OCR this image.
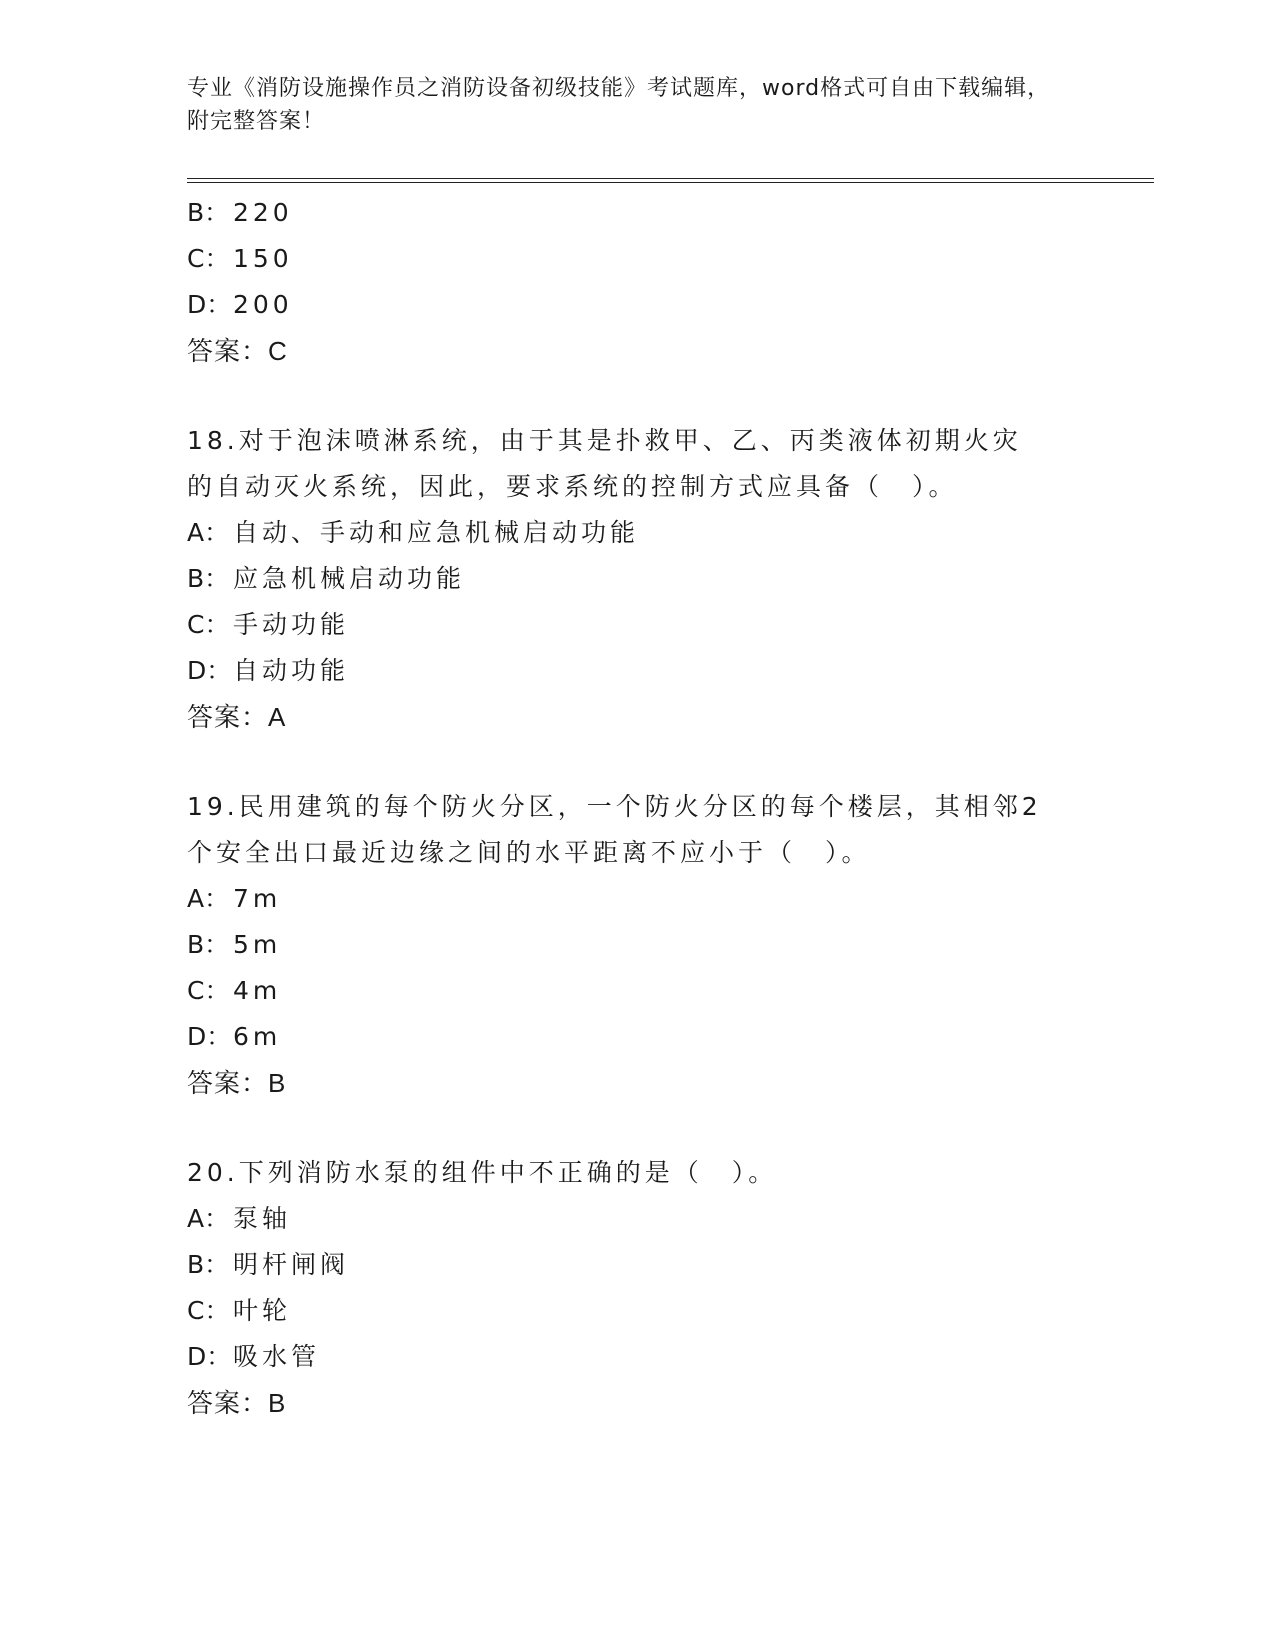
专业《消防设施操作员之消防设备初级技能》考试题库，word格式可自由下载编辑，附完整答案！
B： 220
C： 150
D：200
答案：C
18.对于泡沫喷淋系统，由于其是扑救甲、乙、丙类液体初期火灾的自动灭火系统，因此，要求系统的控制方式应具备（　）。
A： 自动、手动和应急机械启动功能
B： 应急机械启动功能
C： 手动功能
D：自动功能
答案：A
19.民用建筑的每个防火分区，一个防火分区的每个楼层，其相邻2个安全出口最近边缘之间的水平距离不应小于（　）。
A： 7m
B： 5m
C： 4m
D：6m
答案：B
20.下列消防水泵的组件中不正确的是（　）。
A： 泵轴
B： 明杆闸阀
C： 叶轮
D：吸水管
答案：B
